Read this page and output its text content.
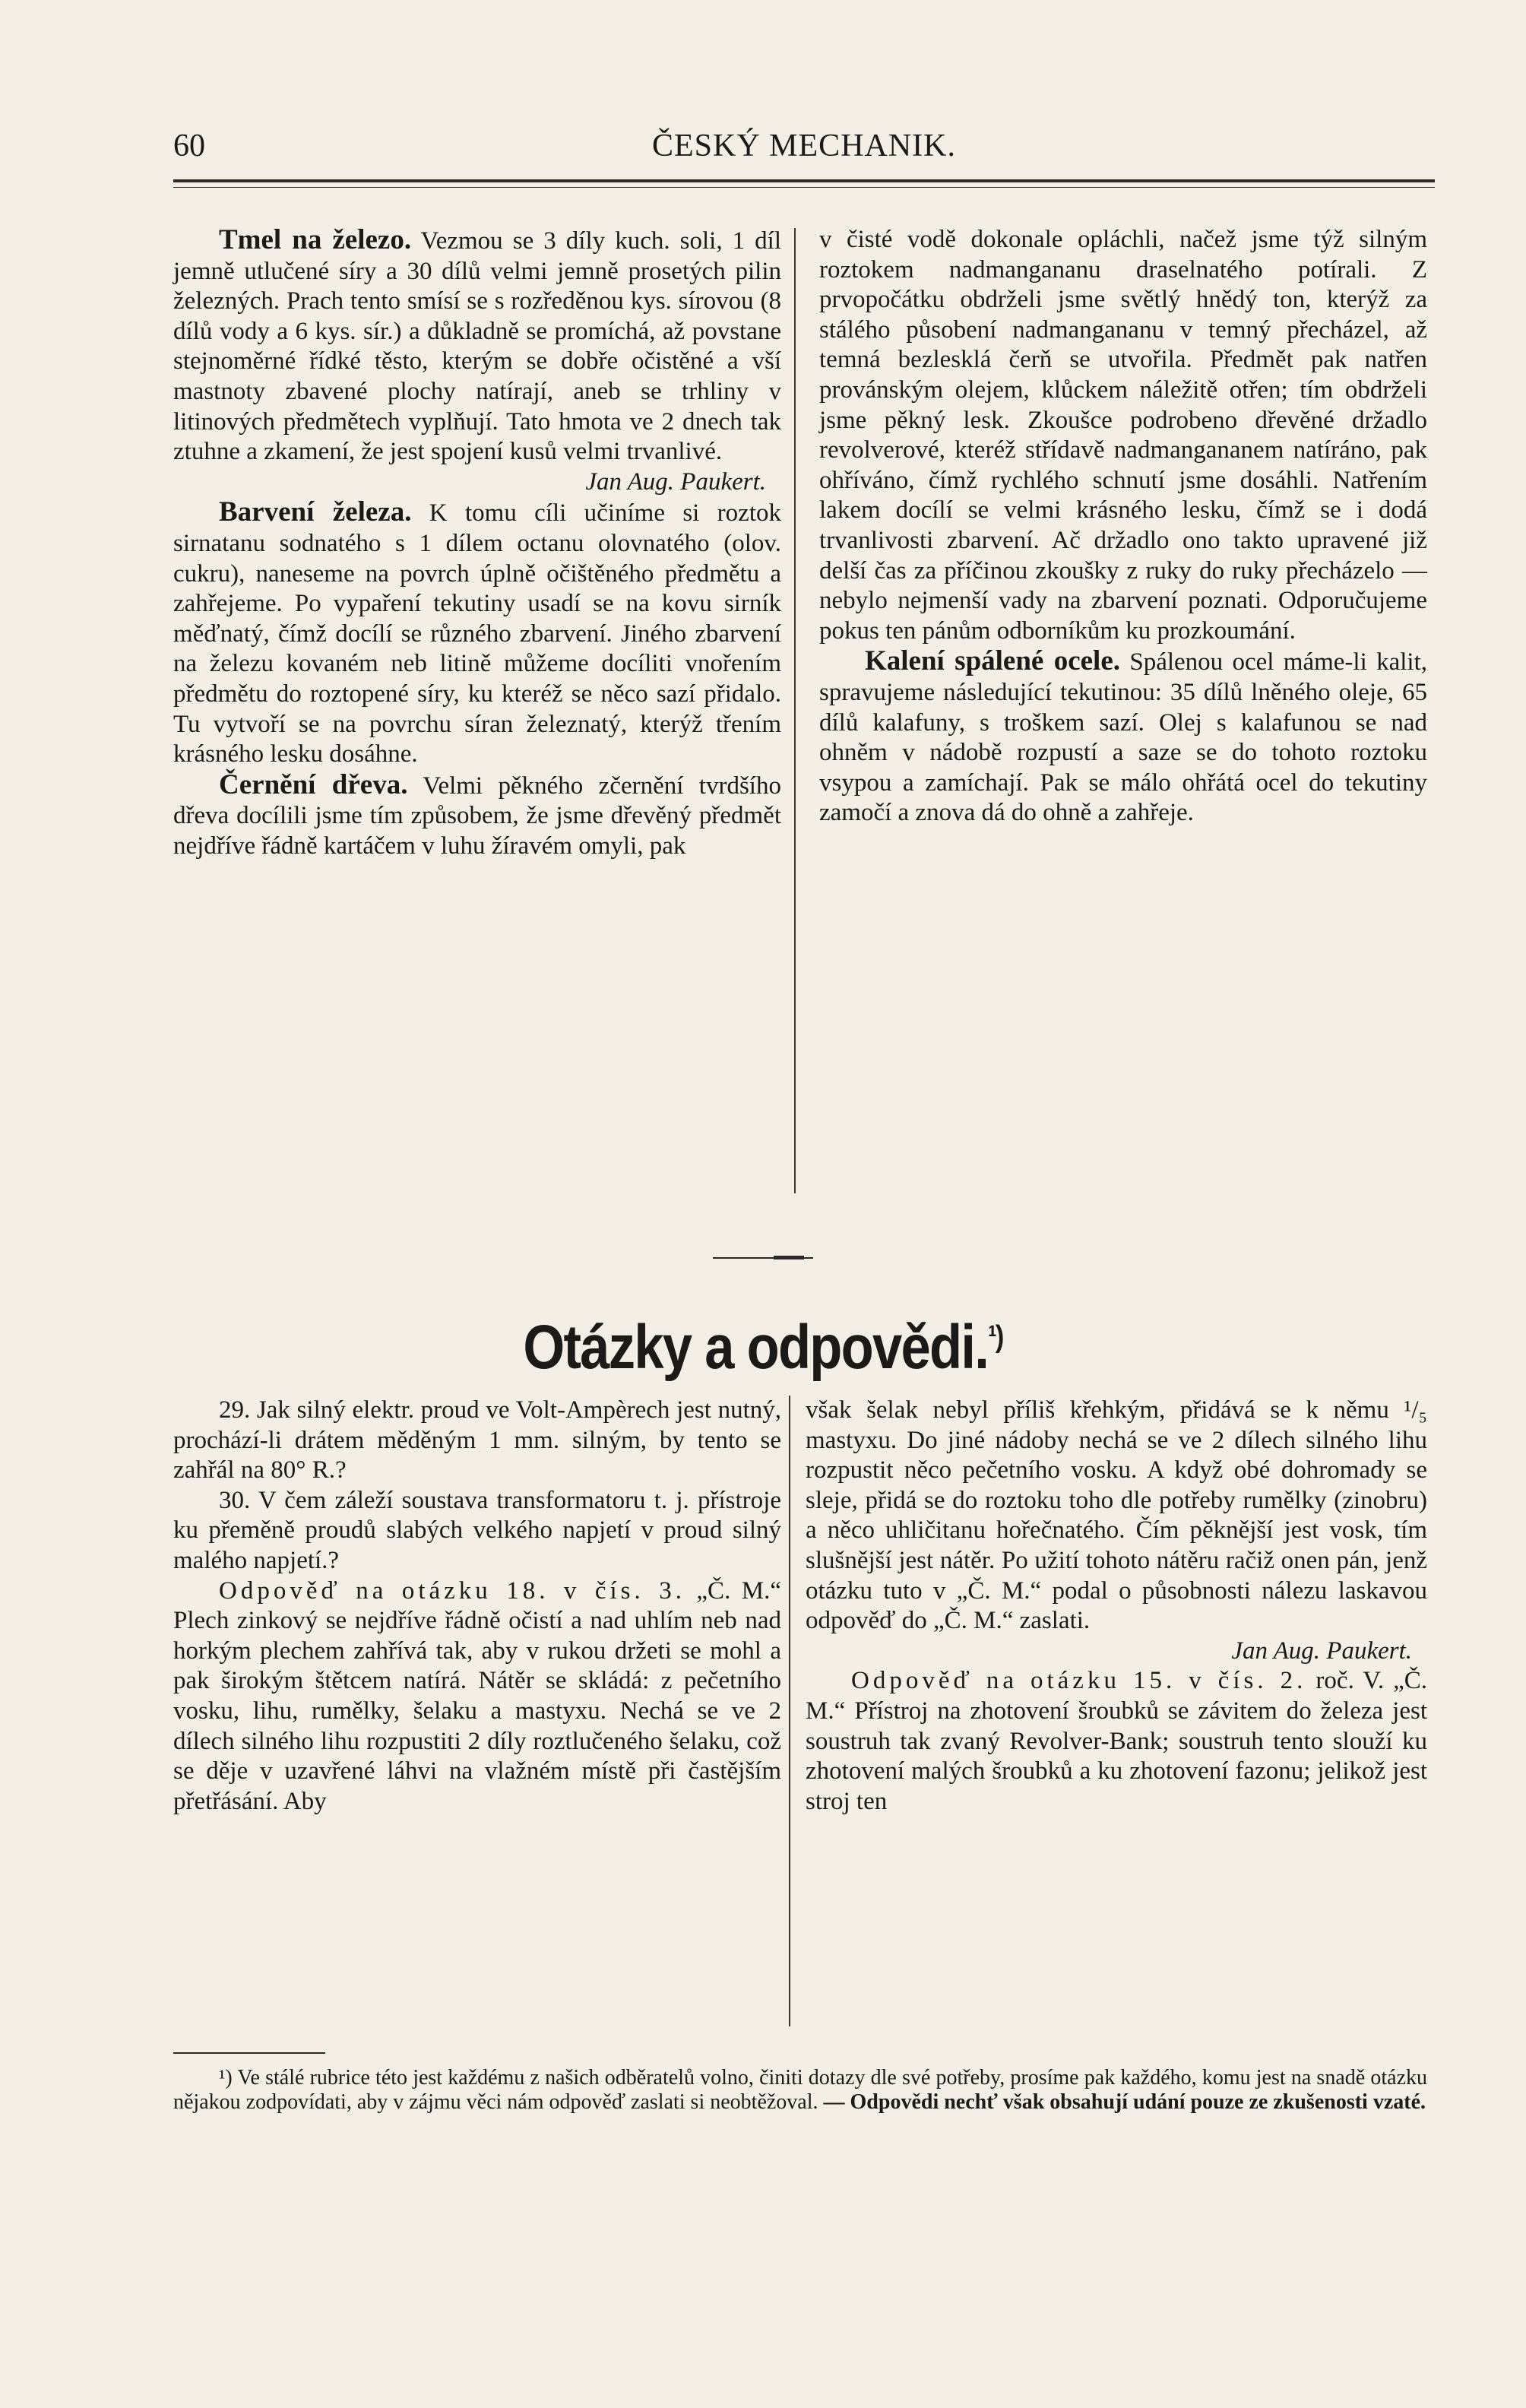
60	ČESKÝ MECHANIK.

Tmel na železo. Vezmou se 3 díly kuch. soli, 1 díl jemně utlučené síry a 30 dílů velmi jemně prosetých pilin železných. Prach tento smísí se s rozředěnou kys. sírovou (8 dílů vody a 6 kys. sír.) a důkladně se promíchá, až povstane stejnoměrné řídké těsto, kterým se dobře očistěné a vší mastnoty zbavené plochy natírají, aneb se trhliny v litinových předmětech vyplňují. Tato hmota ve 2 dnech tak ztuhne a zkamení, že jest spojení kusů velmi trvanlivé.

Jan Aug. Paukert.

Barvení železa. K tomu cíli učiníme si roztok sirnatanu sodnatého s 1 dílem octanu olovnatého (olov. cukru), naneseme na povrch úplně očištěného předmětu a zahřejeme. Po vypaření tekutiny usadí se na kovu sirník měďnatý, čímž docílí se různého zbarvení. Jiného zbarvení na železu kovaném neb litině můžeme docíliti vnořením předmětu do roztopené síry, ku kteréž se něco sazí přidalo. Tu vytvoří se na povrchu síran železnatý, kterýž třením krásného lesku dosáhne.

Černění dřeva. Velmi pěkného zčernění tvrdšího dřeva docílili jsme tím způsobem, že jsme dřevěný předmět nejdříve řádně kartáčem v luhu žíravém omyli, pak

v čisté vodě dokonale opláchli, načež jsme týž silným roztokem nadmangananu draselnatého potírali. Z prvopočátku obdrželi jsme světlý hnědý ton, kterýž za stálého působení nadmangananu v temný přecházel, až temná bezlesklá čerň se utvořila. Předmět pak natřen provánským olejem, klůckem náležitě otřen; tím obdrželi jsme pěkný lesk. Zkoušce podrobeno dřevěné držadlo revolverové, kteréž střídavě nadmangananem natíráno, pak ohříváno, čímž rychlého schnutí jsme dosáhli. Natřením lakem docílí se velmi krásného lesku, čímž se i dodá trvanlivosti zbarvení. Ač držadlo ono takto upravené již delší čas za příčinou zkoušky z ruky do ruky přecházelo — nebylo nejmenší vady na zbarvení poznati. Odporučujeme pokus ten pánům odborníkům ku prozkoumání.

Kalení spálené ocele. Spálenou ocel máme-li kalit, spravujeme následující tekutinou: 35 dílů lněného oleje, 65 dílů kalafuny, s troškem sazí. Olej s kalafunou se nad ohněm v nádobě rozpustí a saze se do tohoto roztoku vsypou a zamíchají. Pak se málo ohřátá ocel do tekutiny zamočí a znova dá do ohně a zahřeje.

Otázky a odpovědi.$^{^1)}$

29. Jak silný elektr. proud ve Volt-Ampèrech jest nutný, prochází-li drátem měděným 1 mm. silným, by tento se zahřál na 80° R.?

30. V čem záleží soustava transformatoru t. j. přístroje ku přeměně proudů slabých velkého napjetí v proud silný malého napjetí.?

Odpověď na otázku 18. v čís. 3. „Č. M.“ Plech zinkový se nejdříve řádně očistí a nad uhlím neb nad horkým plechem zahřívá tak, aby v rukou držeti se mohl a pak širokým štětcem natírá. Nátěr se skládá: z pečetního vosku, lihu, rumělky, šelaku a mastyxu. Nechá se ve 2 dílech silného lihu rozpustiti 2 díly roztlučeného šelaku, což se děje v uzavřené láhvi na vlažném místě při častějším přetřásání. Aby

však šelak nebyl příliš křehkým, přidává se k němu ¹/₅ mastyxu. Do jiné nádoby nechá se ve 2 dílech silného lihu rozpustit něco pečetního vosku. A když obé dohromady se sleje, přidá se do roztoku toho dle potřeby rumělky (zinobru) a něco uhličitanu hořečnatého. Čím pěknější jest vosk, tím slušnější jest nátěr. Po užití tohoto nátěru račiž onen pán, jenž otázku tuto v „Č. M.“ podal o působnosti nálezu laskavou odpověď do „Č. M.“ zaslati.

Jan Aug. Paukert.

Odpověď na otázku 15. v čís. 2. roč. V. „Č. M.“ Přístroj na zhotovení šroubků se závitem do železa jest soustruh tak zvaný Revolver-Bank; soustruh tento slouží ku zhotovení malých šroubků a ku zhotovení fazonu; jelikož jest stroj ten

¹) Ve stálé rubrice této jest každému z našich odběratelů volno, činiti dotazy dle své potřeby, prosíme pak každého, komu jest na snadě otázku nějakou zodpovídati, aby v zájmu věci nám odpověď zaslati si neobtěžoval. — Odpovědi nechť však obsahují udání pouze ze zkušenosti vzaté.
